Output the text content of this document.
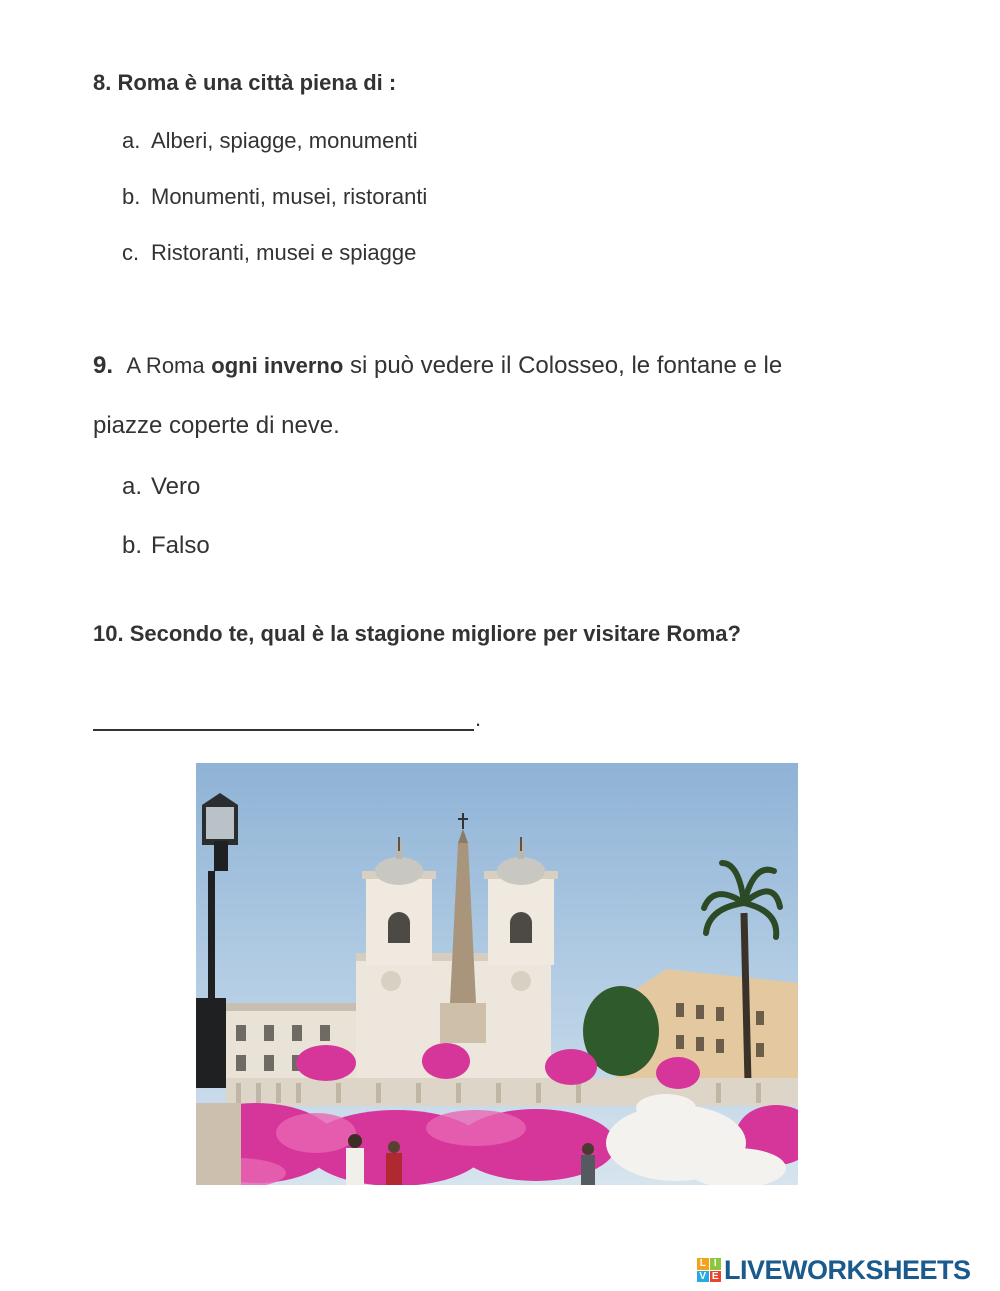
8. Roma è una città piena di :
a. Alberi, spiagge, monumenti
b. Monumenti, musei, ristoranti
c. Ristoranti, musei e spiagge
9. A Roma ogni inverno si può vedere il Colosseo, le fontane e le
piazze coperte di neve.
a. Vero
b. Falso
10. Secondo te, qual è la stagione migliore per visitare Roma?
.
L I
V E LIVEWORKSHEETS
